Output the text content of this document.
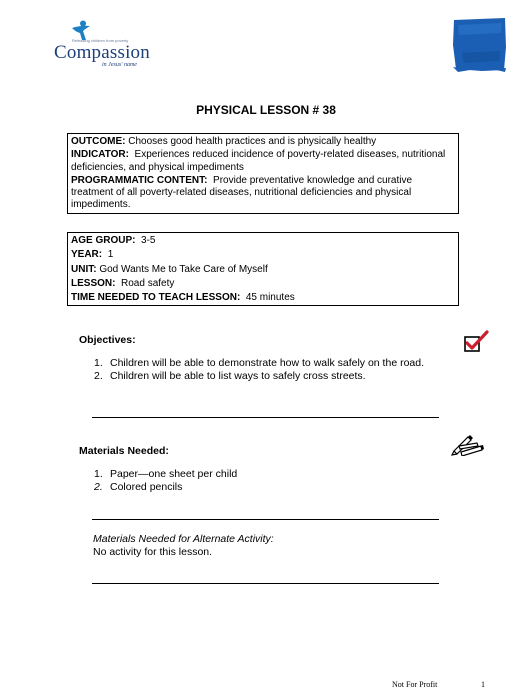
Releasing children from poverty
Compassion
in Jesus' name
PHYSICAL LESSON # 38

OUTCOME: Chooses good health practices and is physically healthy

INDICATOR: Experiences reduced incidence of poverty-related diseases, nutritional deficiencies, and physical impediments

PROGRAMMATIC CONTENT: Provide preventative knowledge and curative treatment of all poverty-related diseases, nutritional deficiencies and physical impediments.

AGE GROUP: 3-5

YEAR: 1

UNIT: God Wants Me to Take Care of Myself

LESSON: Road safety

TIME NEEDED TO TEACH LESSON: 45 minutes

Objectives:
1. Children will be able to demonstrate how to walk safely on the road.
2. Children will be able to list ways to safely cross streets.
Materials Needed:
1. Paper—one sheet per child
2. Colored pencils
Materials Needed for Alternate Activity:
No activity for this lesson.
Not For Profit	1
